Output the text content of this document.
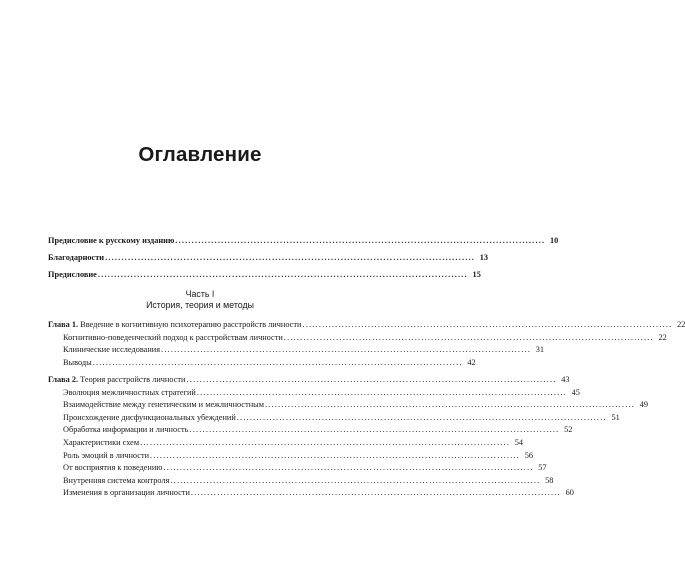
Оглавление
Предисловие к русскому изданию ................................................................................................................. 10
Благодарности ................................................................................................................. 13
Предисловие ................................................................................................................. 15
Часть I
История, теория и методы
Глава 1. Введение в когнитивную психотерапию расстройств личности ................................................................................................................. 22
Когнитивно-поведенческий подход к расстройствам личности ................................................................................................................. 22
Клинические исследования ................................................................................................................. 31
Выводы ................................................................................................................. 42
Глава 2. Теория расстройств личности ................................................................................................................. 43
Эволюция межличностных стратегий ................................................................................................................. 45
Взаимодействие между генетическим и межличностным ................................................................................................................. 49
Происхождение дисфункциональных убеждений ................................................................................................................. 51
Обработка информации и личность ................................................................................................................. 52
Характеристики схем ................................................................................................................. 54
Роль эмоций в личности ................................................................................................................. 56
От восприятия к поведению ................................................................................................................. 57
Внутренняя система контроля ................................................................................................................. 58
Изменения в организации личности ................................................................................................................. 60
